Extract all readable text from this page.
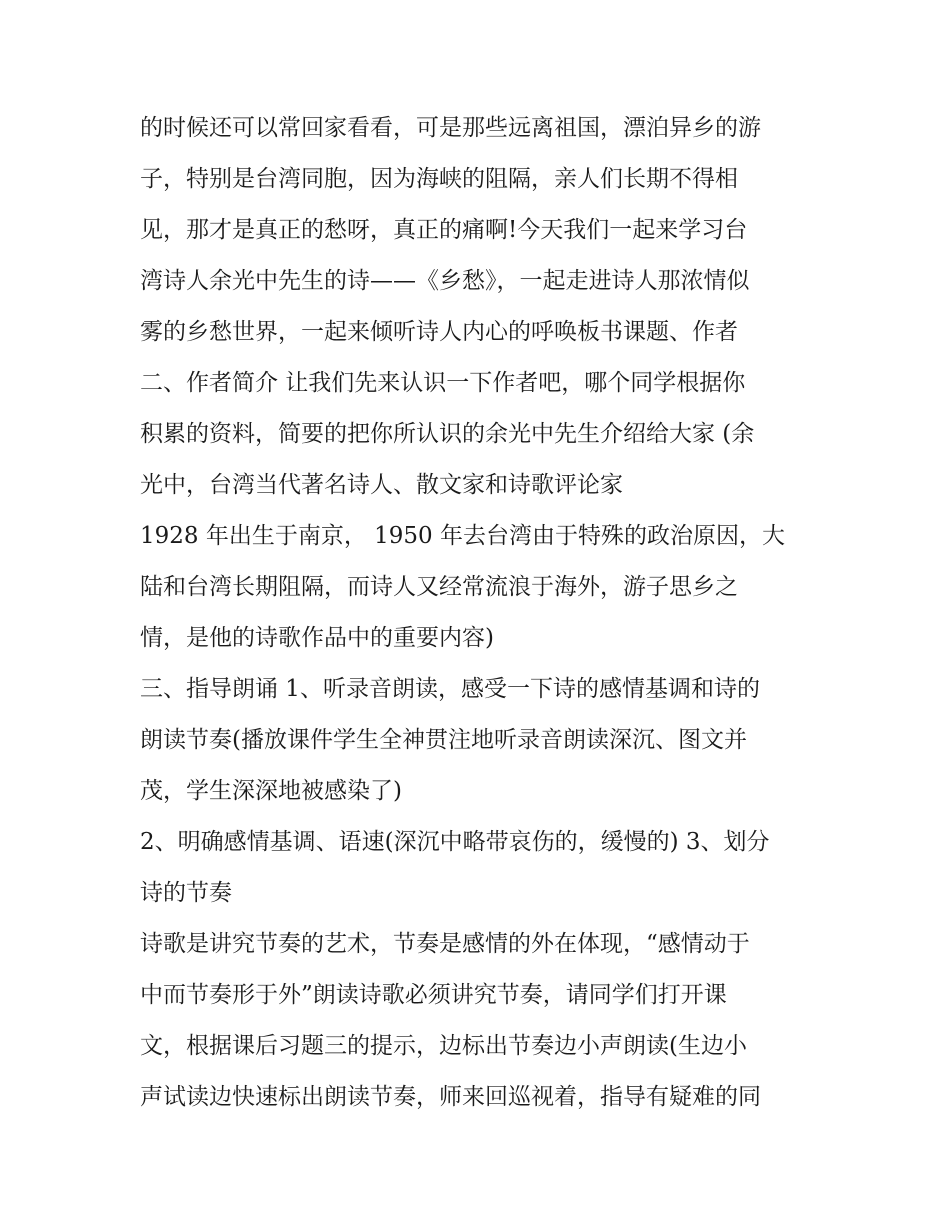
的时候还可以常回家看看，可是那些远离祖国，漂泊异乡的游
子，特别是台湾同胞，因为海峡的阻隔，亲人们长期不得相
见，那才是真正的愁呀，真正的痛啊!今天我们一起来学习台
湾诗人余光中先生的诗——《乡愁》，一起走进诗人那浓情似
雾的乡愁世界，一起来倾听诗人内心的呼唤板书课题、作者
二、作者简介 让我们先来认识一下作者吧，哪个同学根据你
积累的资料，简要的把你所认识的余光中先生介绍给大家 (余
光中，台湾当代著名诗人、散文家和诗歌评论家
1928 年出生于南京， 1950 年去台湾由于特殊的政治原因，大
陆和台湾长期阻隔，而诗人又经常流浪于海外，游子思乡之
情，是他的诗歌作品中的重要内容)
三、指导朗诵 1、听录音朗读，感受一下诗的感情基调和诗的
朗读节奏(播放课件学生全神贯注地听录音朗读深沉、图文并
茂，学生深深地被感染了)
2、明确感情基调、语速(深沉中略带哀伤的，缓慢的) 3、划分
诗的节奏
诗歌是讲究节奏的艺术，节奏是感情的外在体现，“感情动于
中而节奏形于外”朗读诗歌必须讲究节奏，请同学们打开课
文，根据课后习题三的提示，边标出节奏边小声朗读(生边小
声试读边快速标出朗读节奏，师来回巡视着，指导有疑难的同
